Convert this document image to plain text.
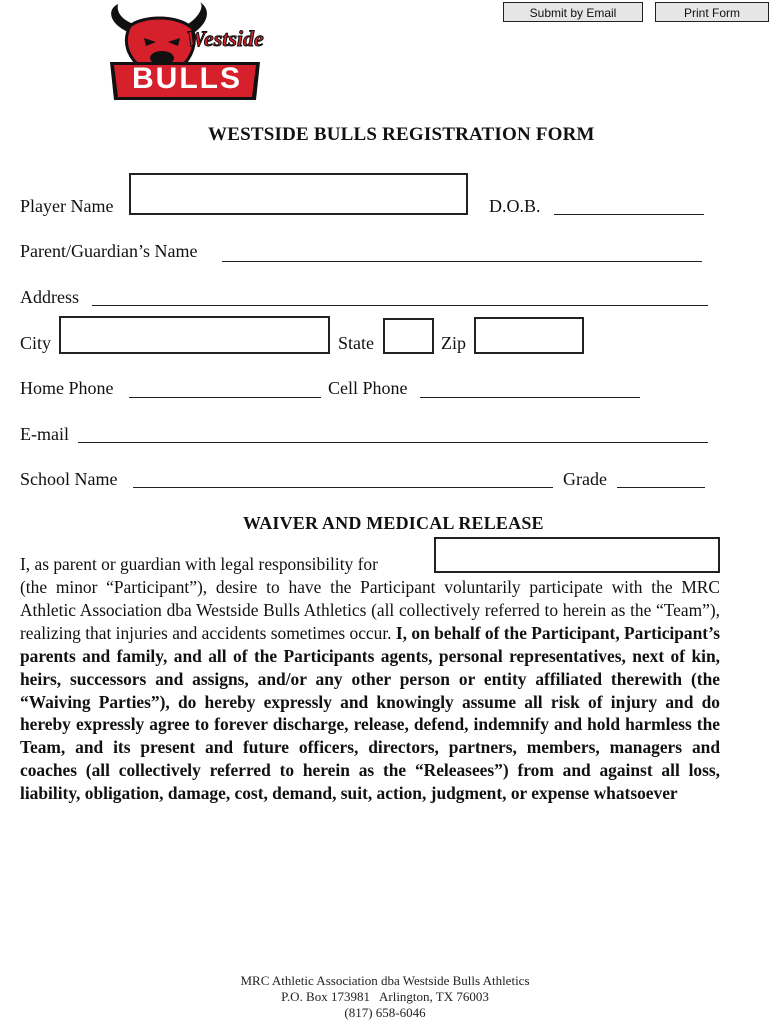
Submit by Email	Print Form
Westside
BULLS
WESTSIDE BULLS REGISTRATION FORM
Player Name	D.O.B.
Parent/Guardian’s Name
Address
City	State	Zip
Home Phone	Cell Phone
E-mail
School Name	Grade
WAIVER AND MEDICAL RELEASE
I, as parent or guardian with legal responsibility for
(the minor “Participant”), desire to have the Participant voluntarily participate with the MRC Athletic Association dba Westside Bulls Athletics (all collectively referred to herein as the “Team”), realizing that injuries and accidents sometimes occur. I, on behalf of the Participant, Participant’s parents and family, and all of the Participants agents, personal representatives, next of kin, heirs, successors and assigns, and/or any other person or entity affiliated therewith (the “Waiving Parties”), do hereby expressly and knowingly assume all risk of injury and do hereby expressly agree to forever discharge, release, defend, indemnify and hold harmless the Team, and its present and future officers, directors, partners, members, managers and coaches (all collectively referred to herein as the “Releasees”) from and against all loss, liability, obligation, damage, cost, demand, suit, action, judgment, or expense whatsoever
MRC Athletic Association dba Westside Bulls Athletics
P.O. Box 173981   Arlington, TX 76003
(817) 658-6046
